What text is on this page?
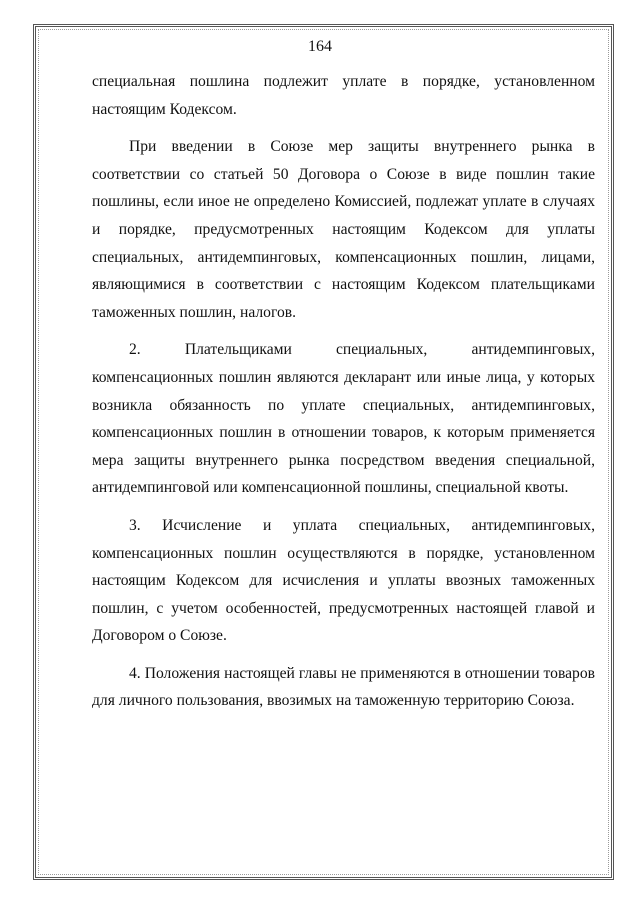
164

специальная пошлина подлежит уплате в порядке, установленном настоящим Кодексом.

При введении в Союзе мер защиты внутреннего рынка в соответствии со статьей 50 Договора о Союзе в виде пошлин такие пошлины, если иное не определено Комиссией, подлежат уплате в случаях и порядке, предусмотренных настоящим Кодексом для уплаты специальных, антидемпинговых, компенсационных пошлин, лицами, являющимися в соответствии с настоящим Кодексом плательщиками таможенных пошлин, налогов.

2. Плательщиками специальных, антидемпинговых, компенсационных пошлин являются декларант или иные лица, у которых возникла обязанность по уплате специальных, антидемпинговых, компенсационных пошлин в отношении товаров, к которым применяется мера защиты внутреннего рынка посредством введения специальной, антидемпинговой или компенсационной пошлины, специальной квоты.

3. Исчисление и уплата специальных, антидемпинговых, компенсационных пошлин осуществляются в порядке, установленном настоящим Кодексом для исчисления и уплаты ввозных таможенных пошлин, с учетом особенностей, предусмотренных настоящей главой и Договором о Союзе.

4. Положения настоящей главы не применяются в отношении товаров для личного пользования, ввозимых на таможенную территорию Союза.
